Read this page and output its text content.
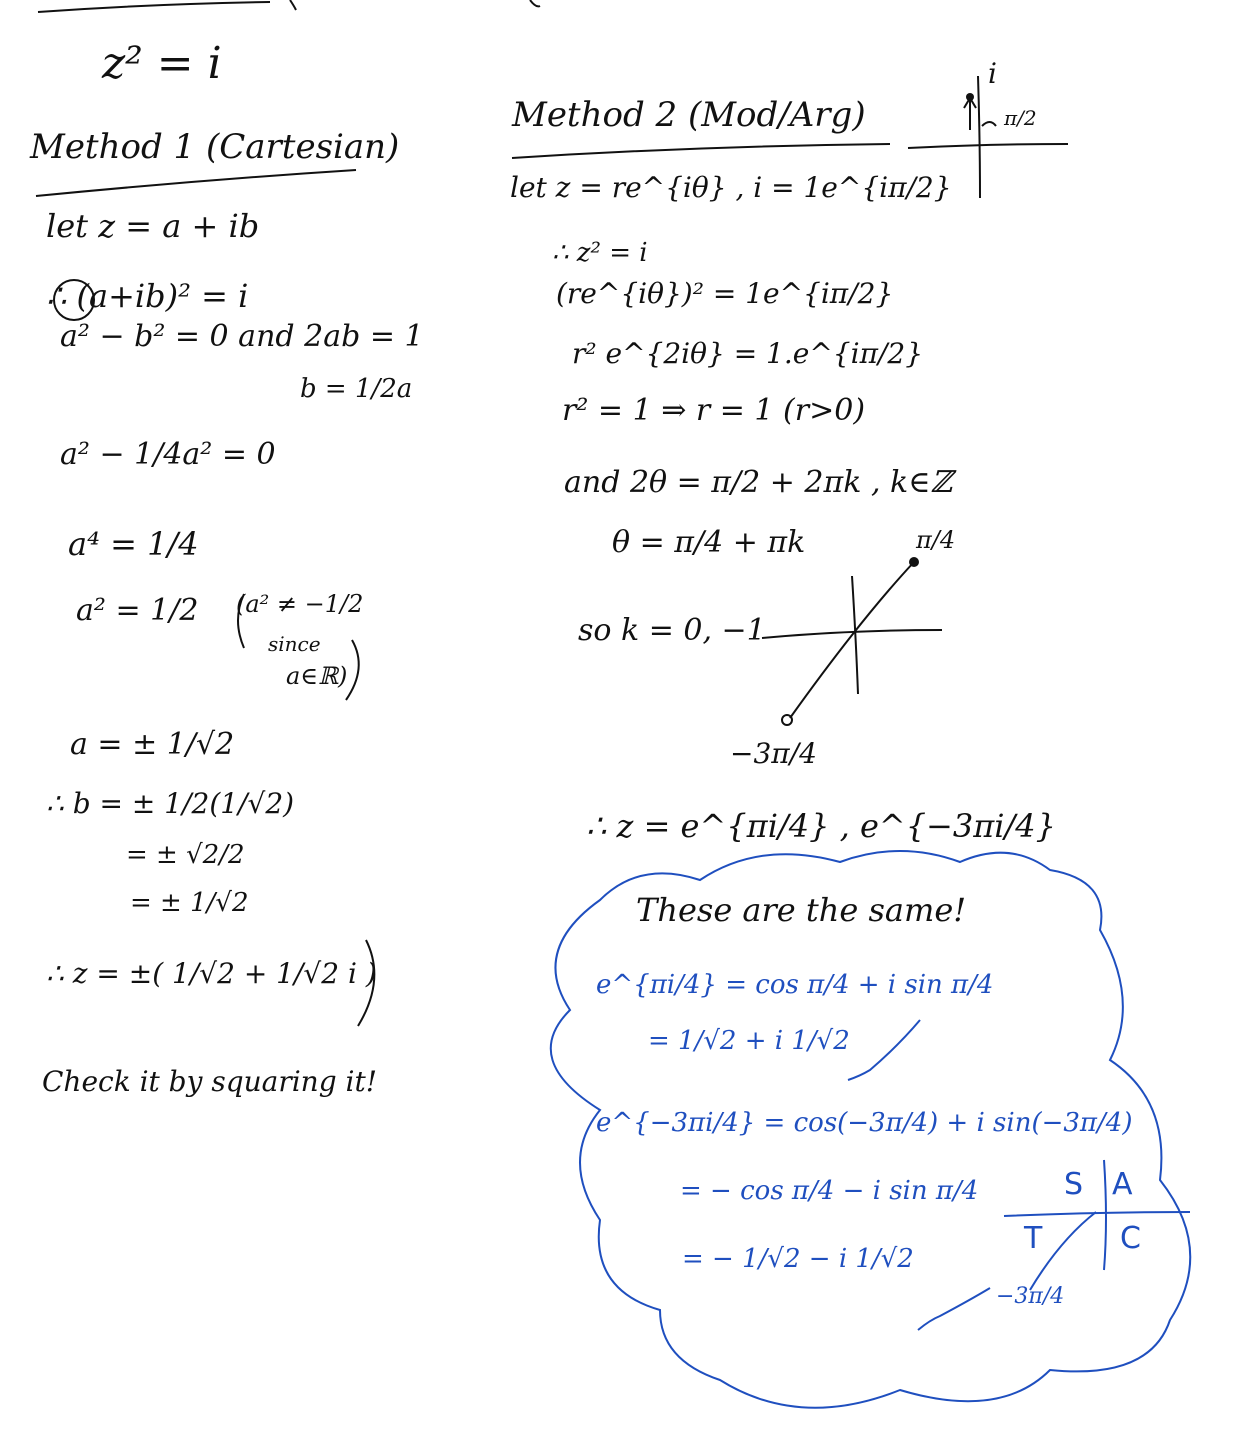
z² = i
Method 1 (Cartesian)
let z = a + ib
∴ (a+ib)² = i
a² − b² = 0 and 2ab = 1
b = 1/2a
a² − 1/4a² = 0
a⁴ = 1/4
a² = 1/2 (a² ≠ −1/2
since
a∈ℝ)
a = ± 1/√2
∴ b = ± 1/2(1/√2)
= ± √2/2
= ± 1/√2
∴ z = ±( 1/√2 + 1/√2 i )
Check it by squaring it!
Method 2 (Mod/Arg)
i
π/2
let z = re^{iθ} , i = 1e^{iπ/2}
∴ z² = i
(re^{iθ})² = 1e^{iπ/2}
r² e^{2iθ} = 1.e^{iπ/2}
r² = 1 ⇒ r = 1 (r>0)
and 2θ = π/2 + 2πk , k∈ℤ
θ = π/4 + πk	π/4
so k = 0, −1
−3π/4
∴ z = e^{πi/4} , e^{−3πi/4}
These are the same!
e^{πi/4} = cos π/4 + i sin π/4
= 1/√2 + i 1/√2
e^{−3πi/4} = cos(−3π/4) + i sin(−3π/4)
= − cos π/4 − i sin π/4
= − 1/√2 − i 1/√2
S A
T	C
−3π/4
